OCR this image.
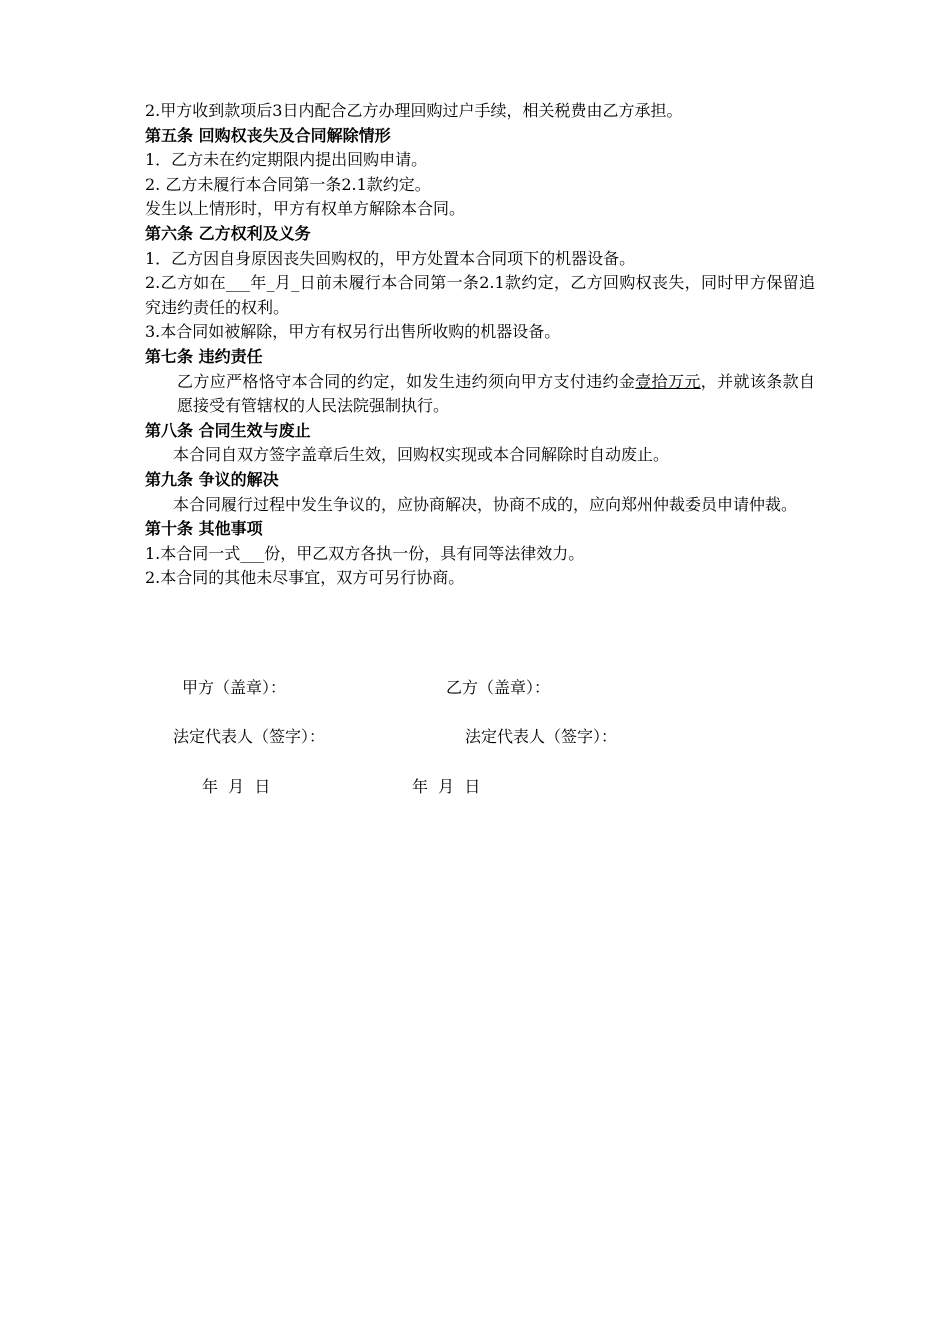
2.甲方收到款项后3日内配合乙方办理回购过户手续，相关税费由乙方承担。
第五条 回购权丧失及合同解除情形
1．乙方未在约定期限内提出回购申请。
2. 乙方未履行本合同第一条2.1款约定。
发生以上情形时，甲方有权单方解除本合同。
第六条 乙方权利及义务
1．乙方因自身原因丧失回购权的，甲方处置本合同项下的机器设备。
2.乙方如在___年_月_日前未履行本合同第一条2.1款约定，乙方回购权丧失，同时甲方保留追究违约责任的权利。
3.本合同如被解除，甲方有权另行出售所收购的机器设备。
第七条 违约责任
乙方应严格恪守本合同的约定，如发生违约须向甲方支付违约金壹拾万元，并就该条款自愿接受有管辖权的人民法院强制执行。
第八条 合同生效与废止
本合同自双方签字盖章后生效，回购权实现或本合同解除时自动废止。
第九条 争议的解决
本合同履行过程中发生争议的，应协商解决，协商不成的，应向郑州仲裁委员申请仲裁。
第十条 其他事项
1.本合同一式___份，甲乙双方各执一份，具有同等法律效力。
2.本合同的其他未尽事宜，双方可另行协商。
甲方（盖章）：	乙方（盖章）：
法定代表人（签字）：	法定代表人（签字）：
年  月  日	年  月  日
